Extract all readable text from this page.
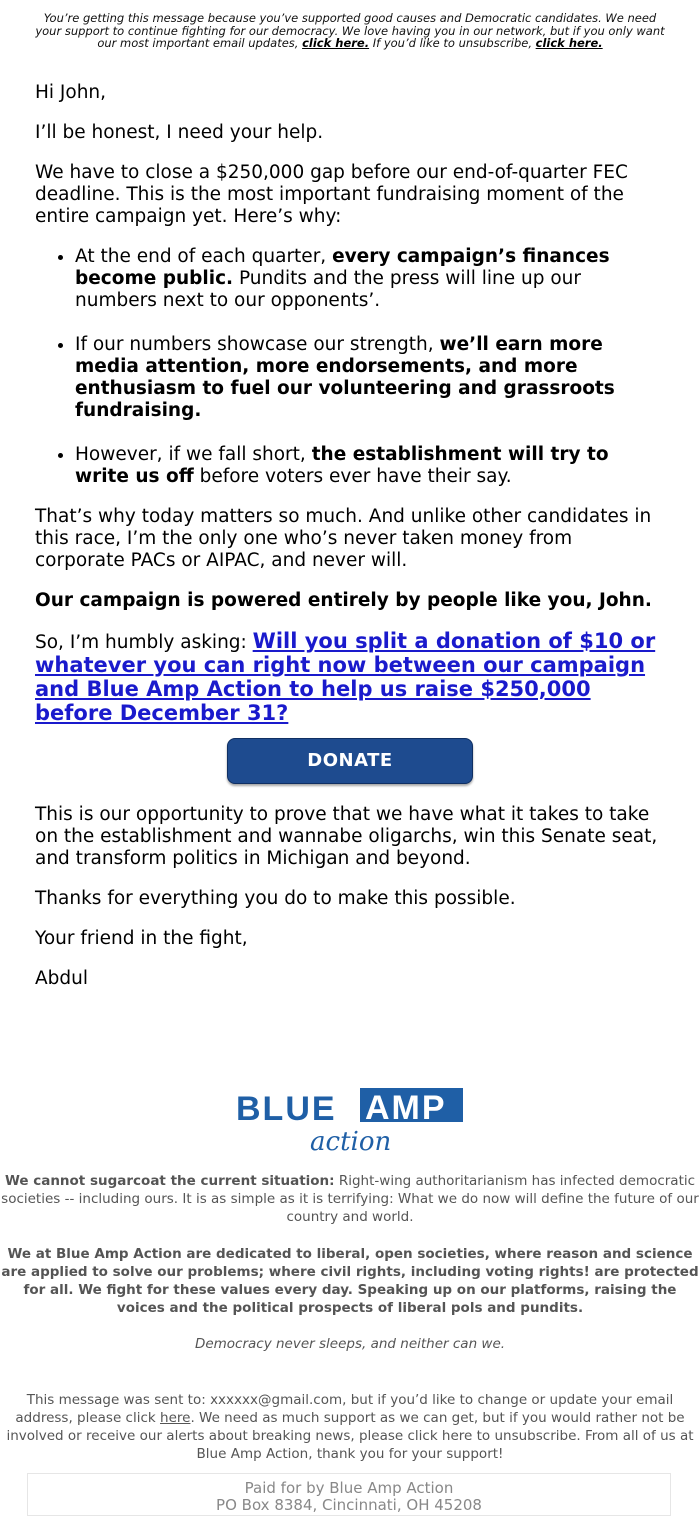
You’re getting this message because you’ve supported good causes and Democratic candidates. We need your support to continue fighting for our democracy. We love having you in our network, but if you only want our most important email updates, click here. If you’d like to unsubscribe, click here.

Hi John,

I’ll be honest, I need your help.

We have to close a $250,000 gap before our end-of-quarter FEC deadline. This is the most important fundraising moment of the entire campaign yet. Here’s why:

• At the end of each quarter, every campaign’s finances become public. Pundits and the press will line up our numbers next to our opponents’.
• If our numbers showcase our strength, we’ll earn more media attention, more endorsements, and more enthusiasm to fuel our volunteering and grassroots fundraising.
• However, if we fall short, the establishment will try to write us off before voters ever have their say.

That’s why today matters so much. And unlike other candidates in this race, I’m the only one who’s never taken money from corporate PACs or AIPAC, and never will.

Our campaign is powered entirely by people like you, John.

So, I’m humbly asking: Will you split a donation of $10 or whatever you can right now between our campaign and Blue Amp Action to help us raise $250,000 before December 31?

DONATE

This is our opportunity to prove that we have what it takes to take on the establishment and wannabe oligarchs, win this Senate seat, and transform politics in Michigan and beyond.

Thanks for everything you do to make this possible.

Your friend in the fight,

Abdul

BLUE AMP
action
We cannot sugarcoat the current situation: Right-wing authoritarianism has infected democratic societies -- including ours. It is as simple as it is terrifying: What we do now will define the future of our country and world.
We at Blue Amp Action are dedicated to liberal, open societies, where reason and science are applied to solve our problems; where civil rights, including voting rights! are protected for all. We fight for these values every day. Speaking up on our platforms, raising the voices and the political prospects of liberal pols and pundits.
Democracy never sleeps, and neither can we.
This message was sent to: xxxxxx@gmail.com, but if you’d like to change or update your email address, please click here. We need as much support as we can get, but if you would rather not be involved or receive our alerts about breaking news, please click here to unsubscribe. From all of us at Blue Amp Action, thank you for your support!
Paid for by Blue Amp Action
PO Box 8384, Cincinnati, OH 45208
